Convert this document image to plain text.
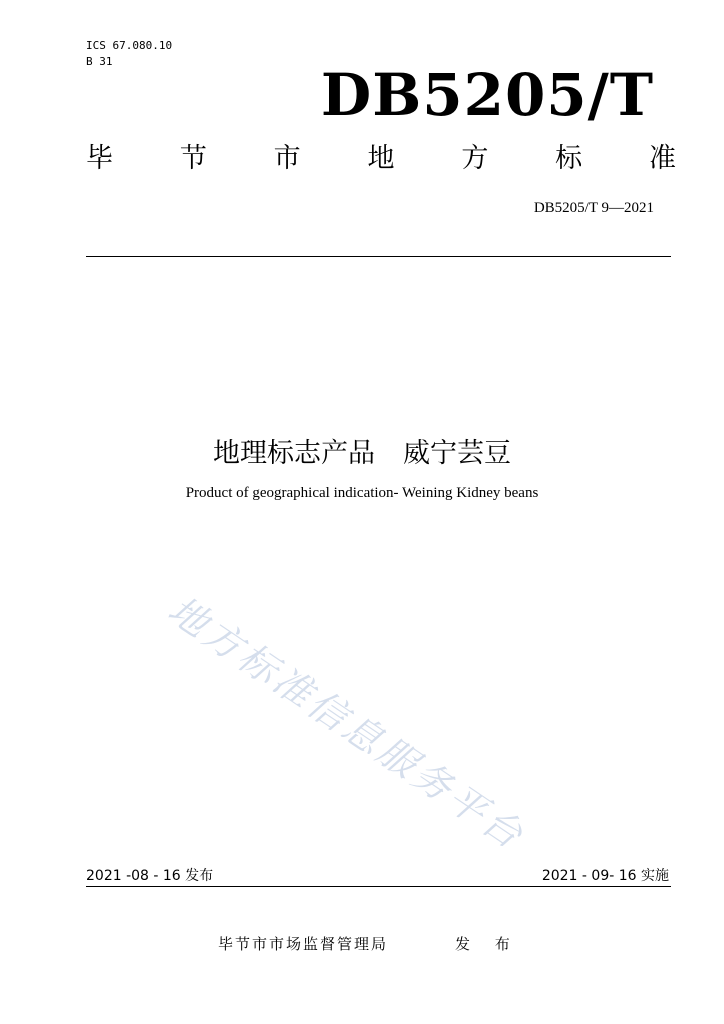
ICS 67.080.10
B 31	DB5205/T
毕 节 市 地 方 标 准
DB5205/T 9—2021
地理标志产品 威宁芸豆
Product of geographical indication- Weining Kidney beans
地方标准信息服务平台
2021 -08 - 16 发布	2021 - 09- 16 实施
毕节市市场监督管理局	发 布
